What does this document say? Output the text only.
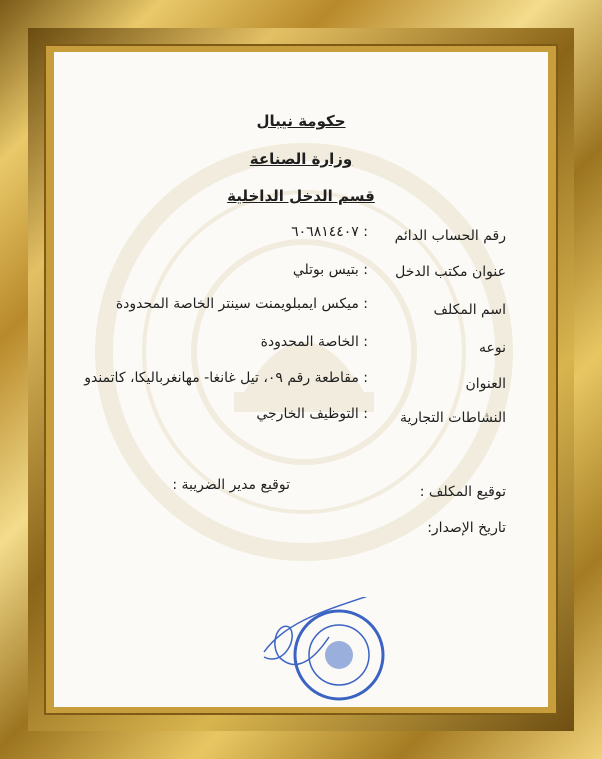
حكومة نيبال
وزارة الصناعة
قسم الدخل الداخلية
رقم الحساب الدائم
: ٦٠٦٨١٤٤٠٧
عنوان مكتب الدخل
: بتيس بوتلي
اسم المكلف
: ميكس ايمبلويمنت سينتر الخاصة المحدودة
نوعه
: الخاصة المحدودة
العنوان
: مقاطعة رقم ٠٩، تيل غانغا- مهانغرباليكا، كاتمندو
النشاطات التجارية
: التوظيف الخارجي
توقيع المكلف :
توقيع مدير الضريبة :
تاريخ الإصدار:
